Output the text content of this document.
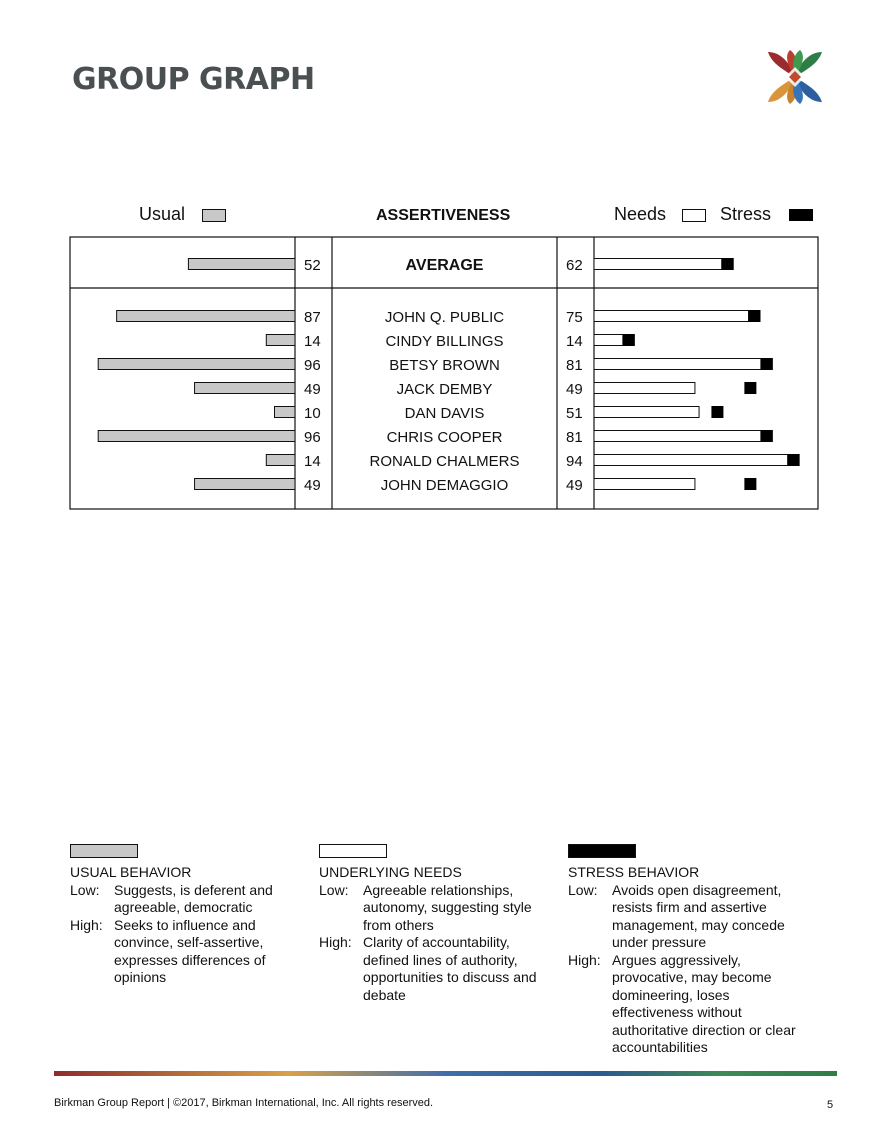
GROUP GRAPH
Usual	ASSERTIVENESS	Needs	Stress
52	AVERAGE	62
87	JOHN Q. PUBLIC	75
14	CINDY BILLINGS	14
96	BETSY BROWN	81
49	JACK DEMBY	49
10	DAN DAVIS	51
96	CHRIS COOPER	81
14	RONALD CHALMERS	94
49	JOHN DEMAGGIO	49
USUAL BEHAVIOR
Low:	Suggests, is deferent and agreeable, democratic
High: Seeks to influence and convince, self-assertive, expresses differences of opinions
UNDERLYING NEEDS
Low:	Agreeable relationships, autonomy, suggesting style from others
High: Clarity of accountability, defined lines of authority, opportunities to discuss and debate
STRESS BEHAVIOR
Low:	Avoids open disagreement, resists firm and assertive management, may concede under pressure
High: Argues aggressively, provocative, may become domineering, loses effectiveness without authoritative direction or clear accountabilities
Birkman Group Report | ©2017, Birkman International, Inc. All rights reserved.	5
